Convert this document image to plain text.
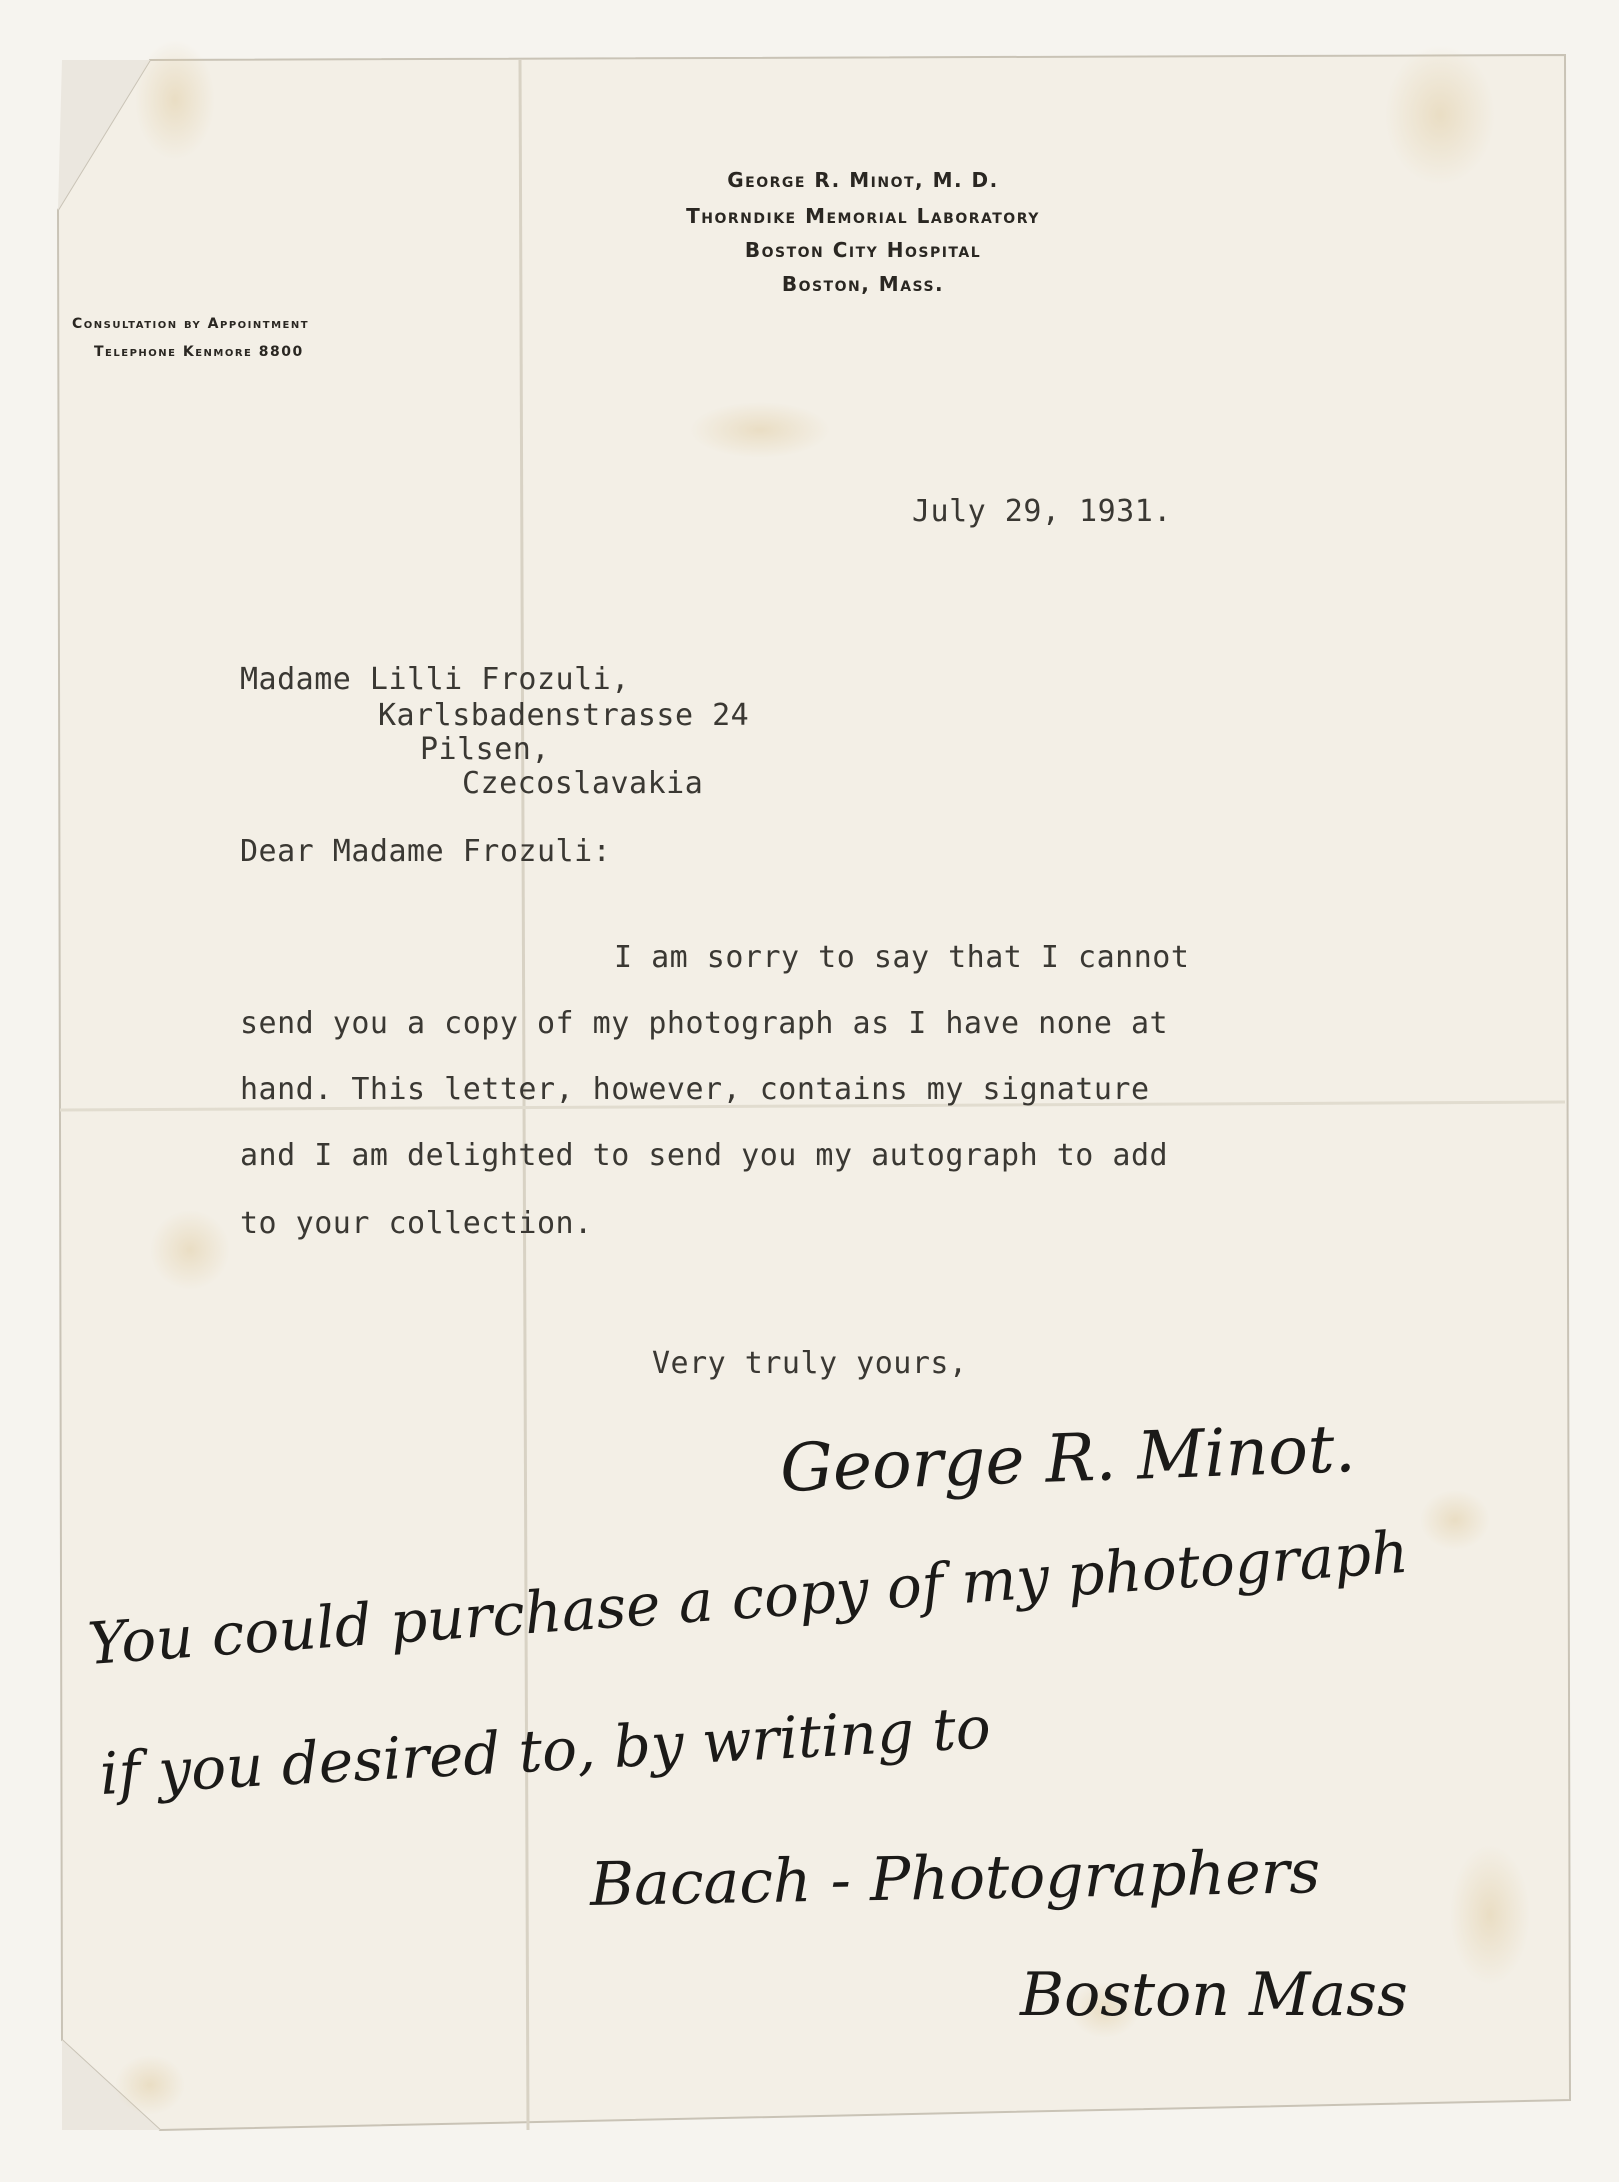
George R. Minot, M. D.
Thorndike Memorial Laboratory
Boston City Hospital
Boston, Mass.
Consultation by Appointment
Telephone Kenmore 8800
July 29, 1931.
Madame Lilli Frozuli,
Karlsbadenstrasse 24
Pilsen,
Czecoslavakia
Dear Madame Frozuli:
I am sorry to say that I cannot
send you a copy of my photograph as I have none at
hand. This letter, however, contains my signature
and I am delighted to send you my autograph to add
to your collection.
Very truly yours,
George R. Minot.
You could purchase a copy of my photograph
if you desired to, by writing to
Bacach - Photographers
Boston Mass
